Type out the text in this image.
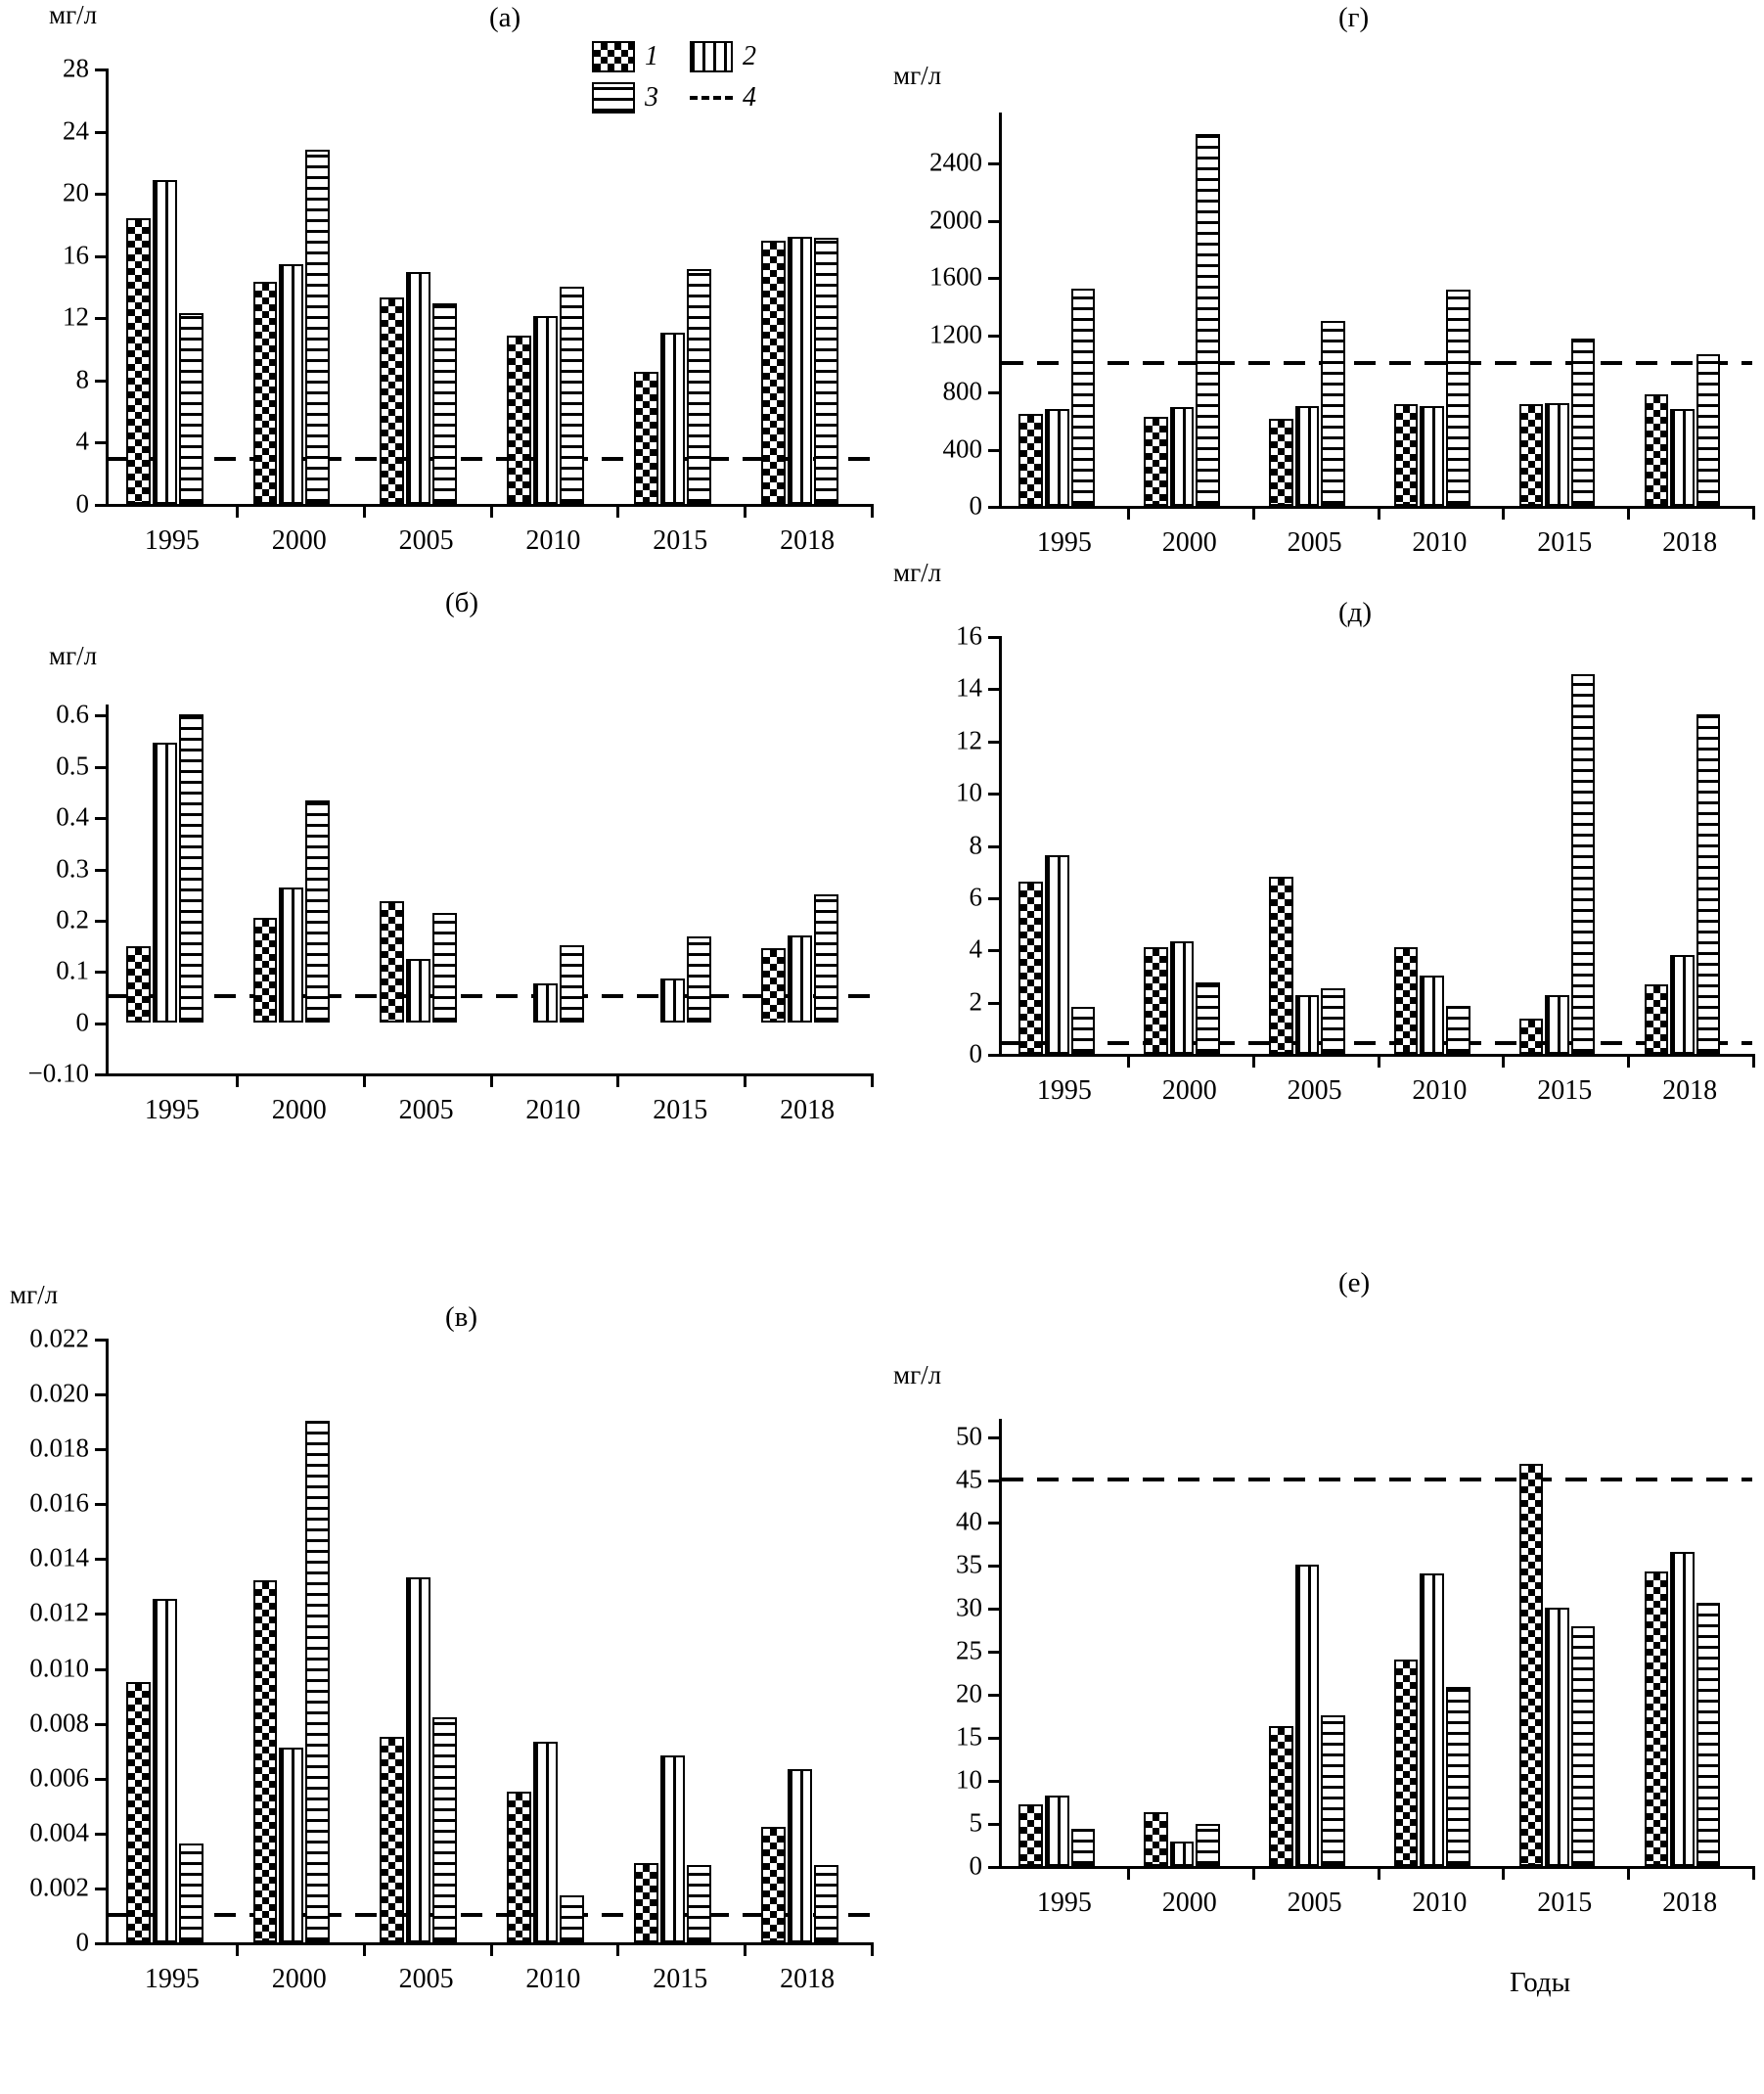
мг/л	(а)
1	2
3	4
0
4
8
12
16
20
24
28
1995	2000	2005	2010	2015	2018
(б)
мг/л
−0.10
0
0.1
0.2
0.3
0.4
0.5
0.6
1995	2000	2005	2010	2015	2018
мг/л
(в)
0
0.002
0.004
0.006
0.008
0.010
0.012
0.014
0.016
0.018
0.020
0.022
1995	2000	2005	2010	2015	2018
(г)
мг/л
0
400
800
1200
1600
2000
2400
1995	2000	2005	2010	2015	2018
мг/л
(д)
0
2
4
6
8
10
12
14
16
1995	2000	2005	2010	2015	2018
(е)
мг/л
0
5
10
15
20
25
30
35
40
45
50
1995	2000	2005	2010	2015	2018
Годы
